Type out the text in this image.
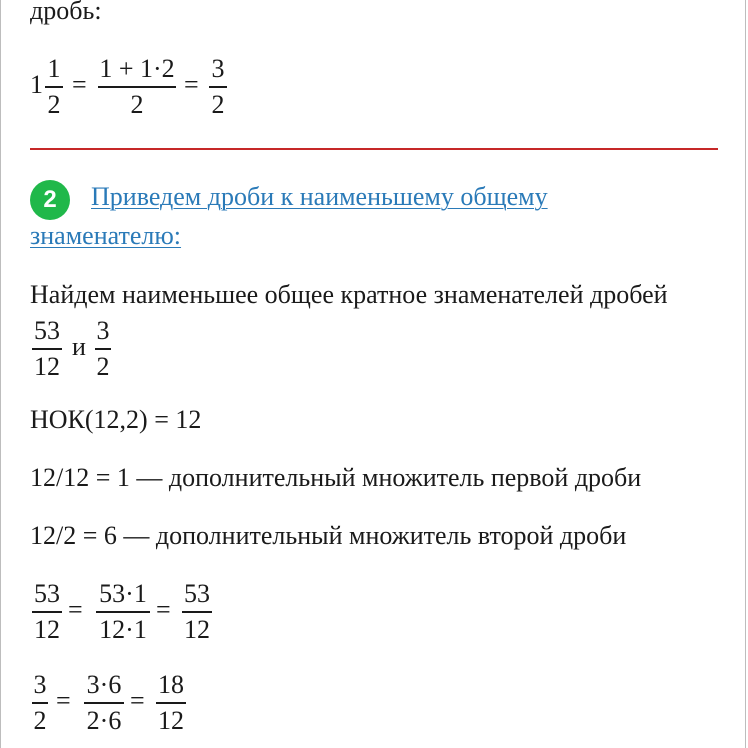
дробь:
1
1
2
=
1 + 1·2
2
=
3
2
2	Приведем дроби к наименьшему общему
знаменателю:
Найдем наименьшее общее кратное знаменателей дробей
53
12
и
3
2
НОК(12,2) = 12
12/12 = 1 — дополнительный множитель первой дроби
12/2 = 6 — дополнительный множитель второй дроби
53
12
=
53·1
12·1
=
53
12
3
2
=
3·6
2·6
=
18
12
